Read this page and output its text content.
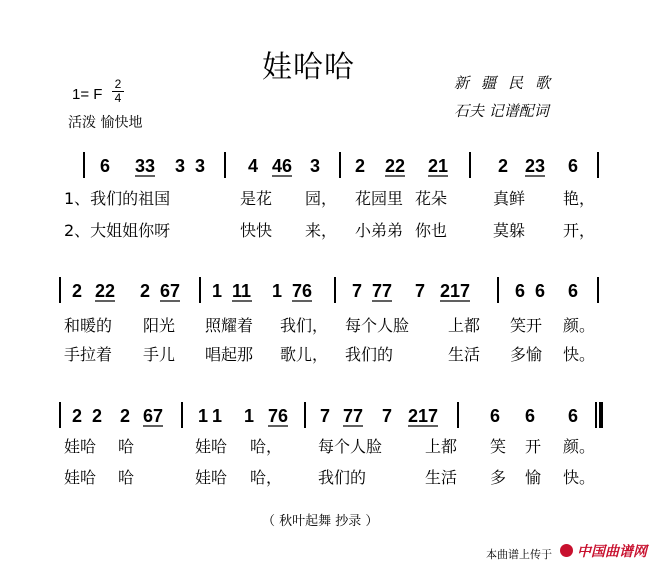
娃哈哈
1= F
2
4
活泼 愉快地
新疆民歌
石夫 记谱配词
6 33 3 3 4 46 3 2 22 21	2 23 6
1、我们的祖国	是花 园， 花园里 花朵	真鲜 艳，
2、大姐姐你呀	快快 来， 小弟弟 你也	莫躲 开，
2 22 2 67 1 11 1 76 7 77 7 217 6 6 6
和暖的 阳光 照耀着 我们， 每个人脸 上都 笑开 颜。
手拉着 手儿 唱起那 歌儿， 我们的	生活 多愉 快。
2 2 2 67 1 1 1 76 7 77 7 217	6 6 6
娃哈 哈	娃哈 哈， 每个人脸	上都 笑 开 颜。
娃哈 哈	娃哈 哈， 我们的	生活 多 愉 快。
（ 秋叶起舞 抄录 ）
本曲谱上传于 中国曲谱网
